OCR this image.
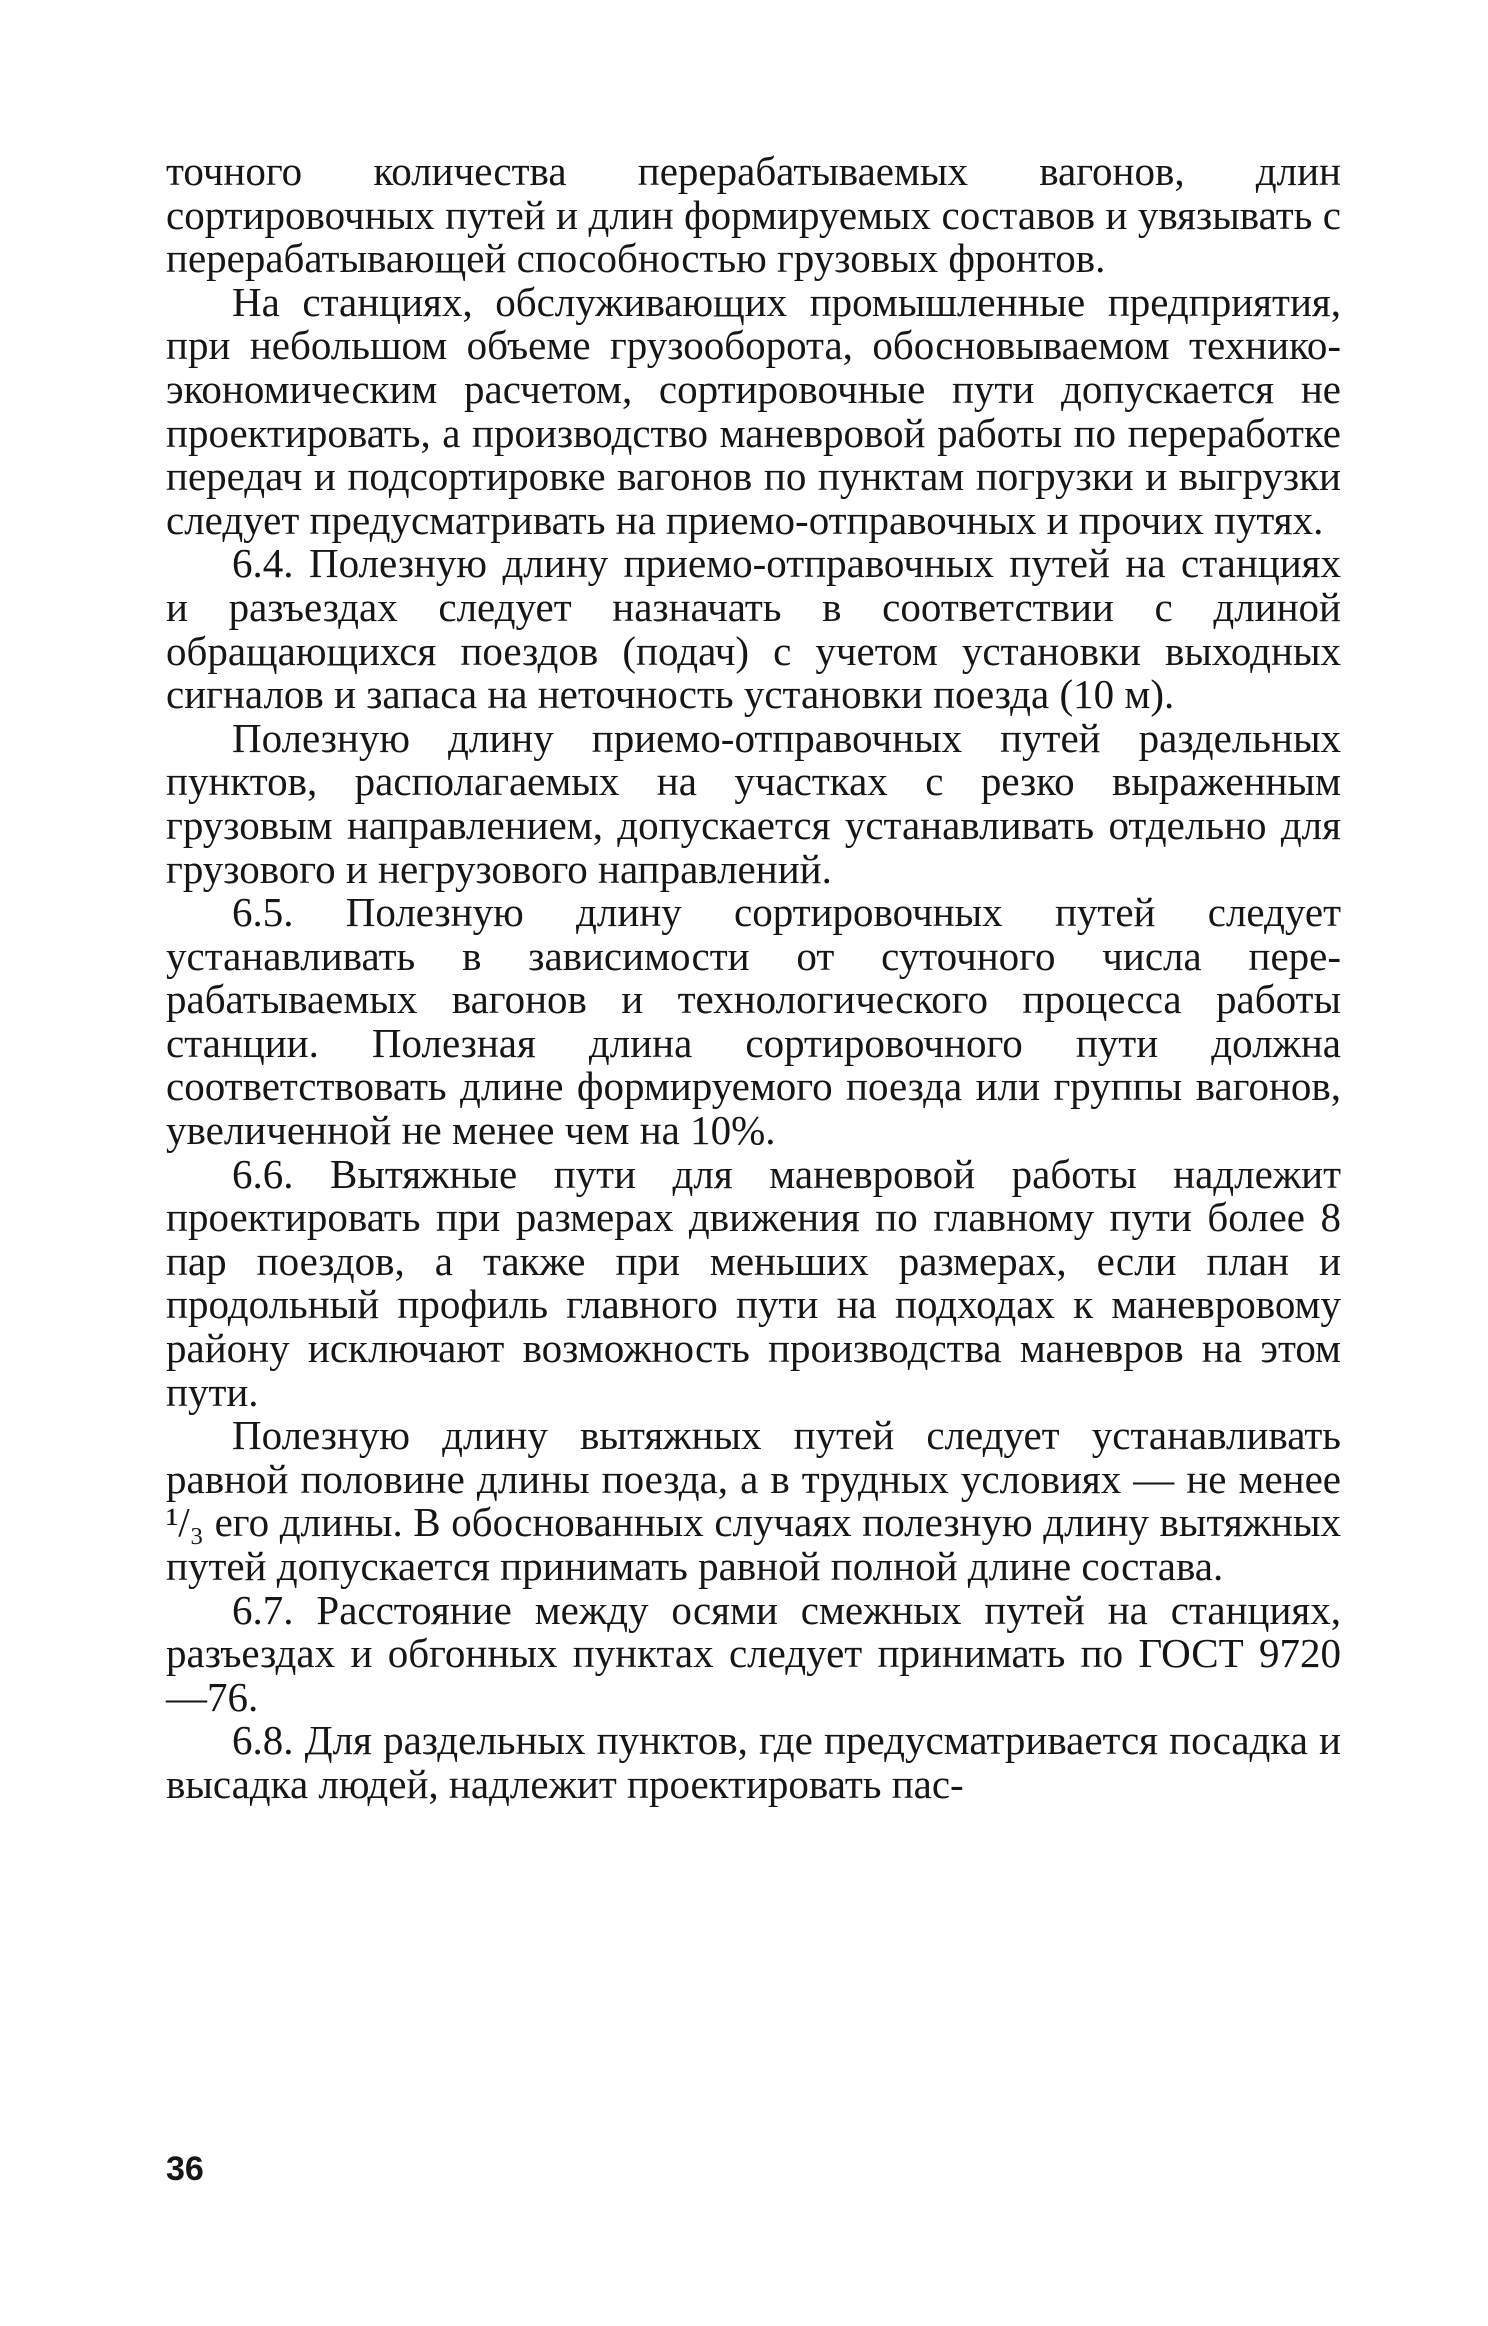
точного количества перерабатываемых вагонов, длин сортировочных путей и длин формируемых составов и увязывать с перерабатывающей способностью грузовых фронтов.

На станциях, обслуживающих промышленные предприятия, при небольшом объеме грузооборота, обосновываемом технико-экономическим расчетом, сортировочные пути допускается не проектировать, а производство маневровой работы по переработке передач и подсортировке вагонов по пунктам погрузки и выгрузки следует предусматривать на приемо-отправочных и прочих путях.

6.4. Полезную длину приемо-отправочных путей на станциях и разъездах следует назначать в соответствии с длиной обращающихся поездов (подач) с учетом установки выходных сигналов и запаса на неточность установки поезда (10 м).

Полезную длину приемо-отправочных путей раздельных пунктов, располагаемых на участках с резко выраженным грузовым направлением, допускается устанавливать отдельно для грузового и негрузового направлений.

6.5. Полезную длину сортировочных путей следует устанавливать в зависимости от суточного числа перерабатываемых вагонов и технологического процесса работы станции. Полезная длина сортировочного пути должна соответствовать длине формируемого поезда или группы вагонов, увеличенной не менее чем на 10%.

6.6. Вытяжные пути для маневровой работы надлежит проектировать при размерах движения по главному пути более 8 пар поездов, а также при меньших размерах, если план и продольный профиль главного пути на подходах к маневровому району исключают возможность производства маневров на этом пути.

Полезную длину вытяжных путей следует устанавливать равной половине длины поезда, а в трудных условиях — не менее ¹/₃ его длины. В обоснованных случаях полезную длину вытяжных путей допускается принимать равной полной длине состава.

6.7. Расстояние между осями смежных путей на станциях, разъездах и обгонных пунктах следует принимать по ГОСТ 9720—76.

6.8. Для раздельных пунктов, где предусматривается посадка и высадка людей, надлежит проектировать пас-

36
